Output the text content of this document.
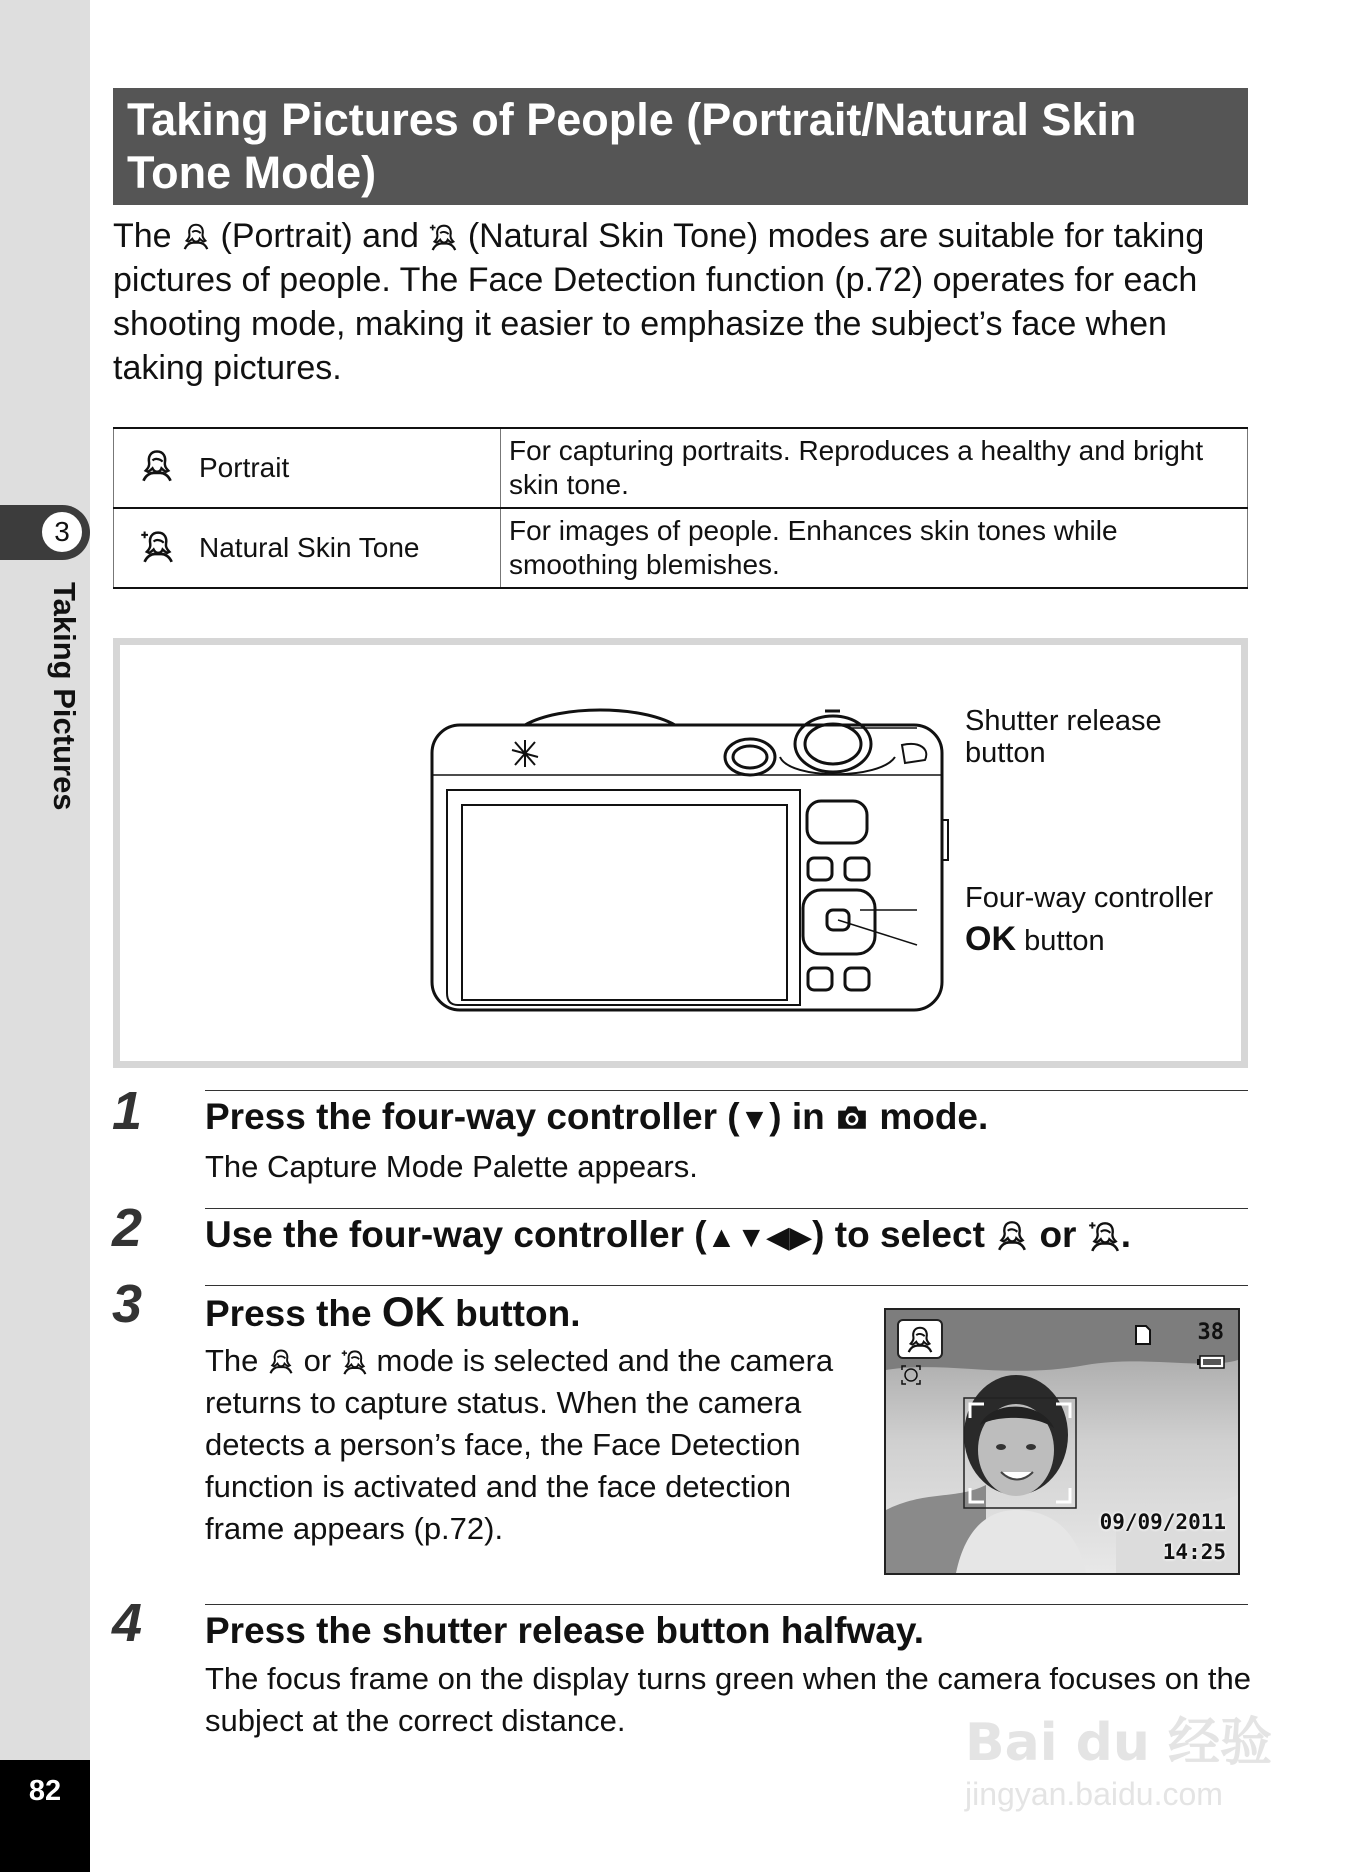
3
Taking Pictures
82
Taking Pictures of People (Portrait/Natural Skin Tone Mode)
The (Portrait) and (Natural Skin Tone) modes are suitable for taking pictures of people. The Face Detection function (p.72) operates for each shooting mode, making it easier to emphasize the subject’s face when taking pictures.
	Portrait	For capturing portraits. Reproduces a healthy and bright skin tone.
	Natural Skin Tone	For images of people. Enhances skin tones while smoothing blemishes.
Shutter release
button
Four-way controller
OK button
1 Press the four-way controller (▼) in mode.
The Capture Mode Palette appears.
2 Use the four-way controller (▲▼◀▶) to select or .
3 Press the OK button.
The or mode is selected and the camera returns to capture status. When the camera detects a person’s face, the Face Detection function is activated and the face detection frame appears (p.72).
38
09/09/2011
14:25
4 Press the shutter release button halfway.
The focus frame on the display turns green when the camera focuses on the subject at the correct distance.	Bai du 经验
jingyan.baidu.com
